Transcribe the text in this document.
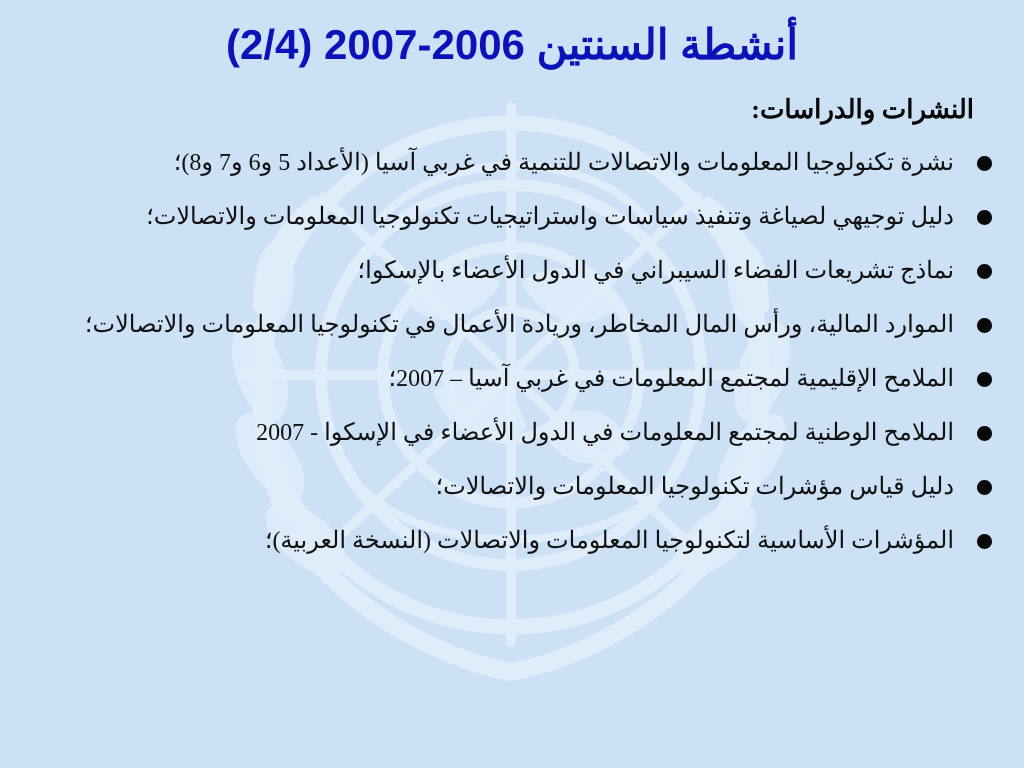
أنشطة السنتين 2006-2007 (2/4)
النشرات والدراسات:
نشرة تكنولوجيا المعلومات والاتصالات للتنمية في غربي آسيا (الأعداد 5 و6 و7 و8)؛
دليل توجيهي لصياغة وتنفيذ سياسات واستراتيجيات تكنولوجيا المعلومات والاتصالات؛
نماذج تشريعات الفضاء السيبراني في الدول الأعضاء بالإسكوا؛
الموارد المالية، ورأس المال المخاطر، وريادة الأعمال في تكنولوجيا المعلومات والاتصالات؛
الملامح الإقليمية لمجتمع المعلومات في غربي آسيا – 2007؛
الملامح الوطنية لمجتمع المعلومات في الدول الأعضاء في الإسكوا - 2007
دليل قياس مؤشرات تكنولوجيا المعلومات والاتصالات؛
المؤشرات الأساسية لتكنولوجيا المعلومات والاتصالات (النسخة العربية)؛
